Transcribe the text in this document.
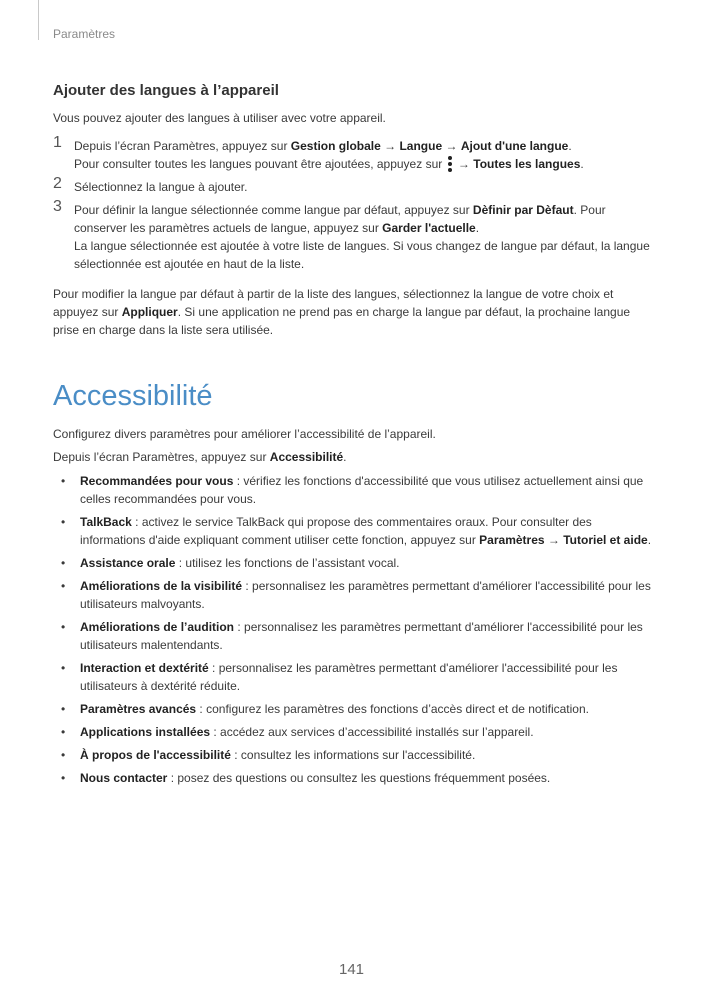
Paramètres
Ajouter des langues à l’appareil

Vous pouvez ajouter des langues à utiliser avec votre appareil.

1 Depuis l’écran Paramètres, appuyez sur Gestion globale → Langue → Ajout d'une langue.
Pour consulter toutes les langues pouvant être ajoutées, appuyez sur
→ Toutes les langues.
2 Sélectionnez la langue à ajouter.
3 Pour définir la langue sélectionnée comme langue par défaut, appuyez sur Dèfinir par Dèfaut. Pour conserver les paramètres actuels de langue, appuyez sur Garder l'actuelle.
La langue sélectionnée est ajoutée à votre liste de langues. Si vous changez de langue par défaut, la langue sélectionnée est ajoutée en haut de la liste.

Pour modifier la langue par défaut à partir de la liste des langues, sélectionnez la langue de votre choix et appuyez sur Appliquer. Si une application ne prend pas en charge la langue par défaut, la prochaine langue prise en charge dans la liste sera utilisée.

Accessibilité

Configurez divers paramètres pour améliorer l’accessibilité de l’appareil.

Depuis l’écran Paramètres, appuyez sur Accessibilité.

• Recommandées pour vous : vérifiez les fonctions d'accessibilité que vous utilisez actuellement ainsi que celles recommandées pour vous.
• TalkBack : activez le service TalkBack qui propose des commentaires oraux. Pour consulter des informations d'aide expliquant comment utiliser cette fonction, appuyez sur Paramètres → Tutoriel et aide.
• Assistance orale : utilisez les fonctions de l’assistant vocal.
• Améliorations de la visibilité : personnalisez les paramètres permettant d'améliorer l'accessibilité pour les utilisateurs malvoyants.
• Améliorations de l’audition : personnalisez les paramètres permettant d'améliorer l'accessibilité pour les utilisateurs malentendants.
• Interaction et dextérité : personnalisez les paramètres permettant d'améliorer l'accessibilité pour les utilisateurs à dextérité réduite.
• Paramètres avancés : configurez les paramètres des fonctions d’accès direct et de notification.
• Applications installées : accédez aux services d’accessibilité installés sur l’appareil.
• À propos de l'accessibilité : consultez les informations sur l'accessibilité.
• Nous contacter : posez des questions ou consultez les questions fréquemment posées.
141
